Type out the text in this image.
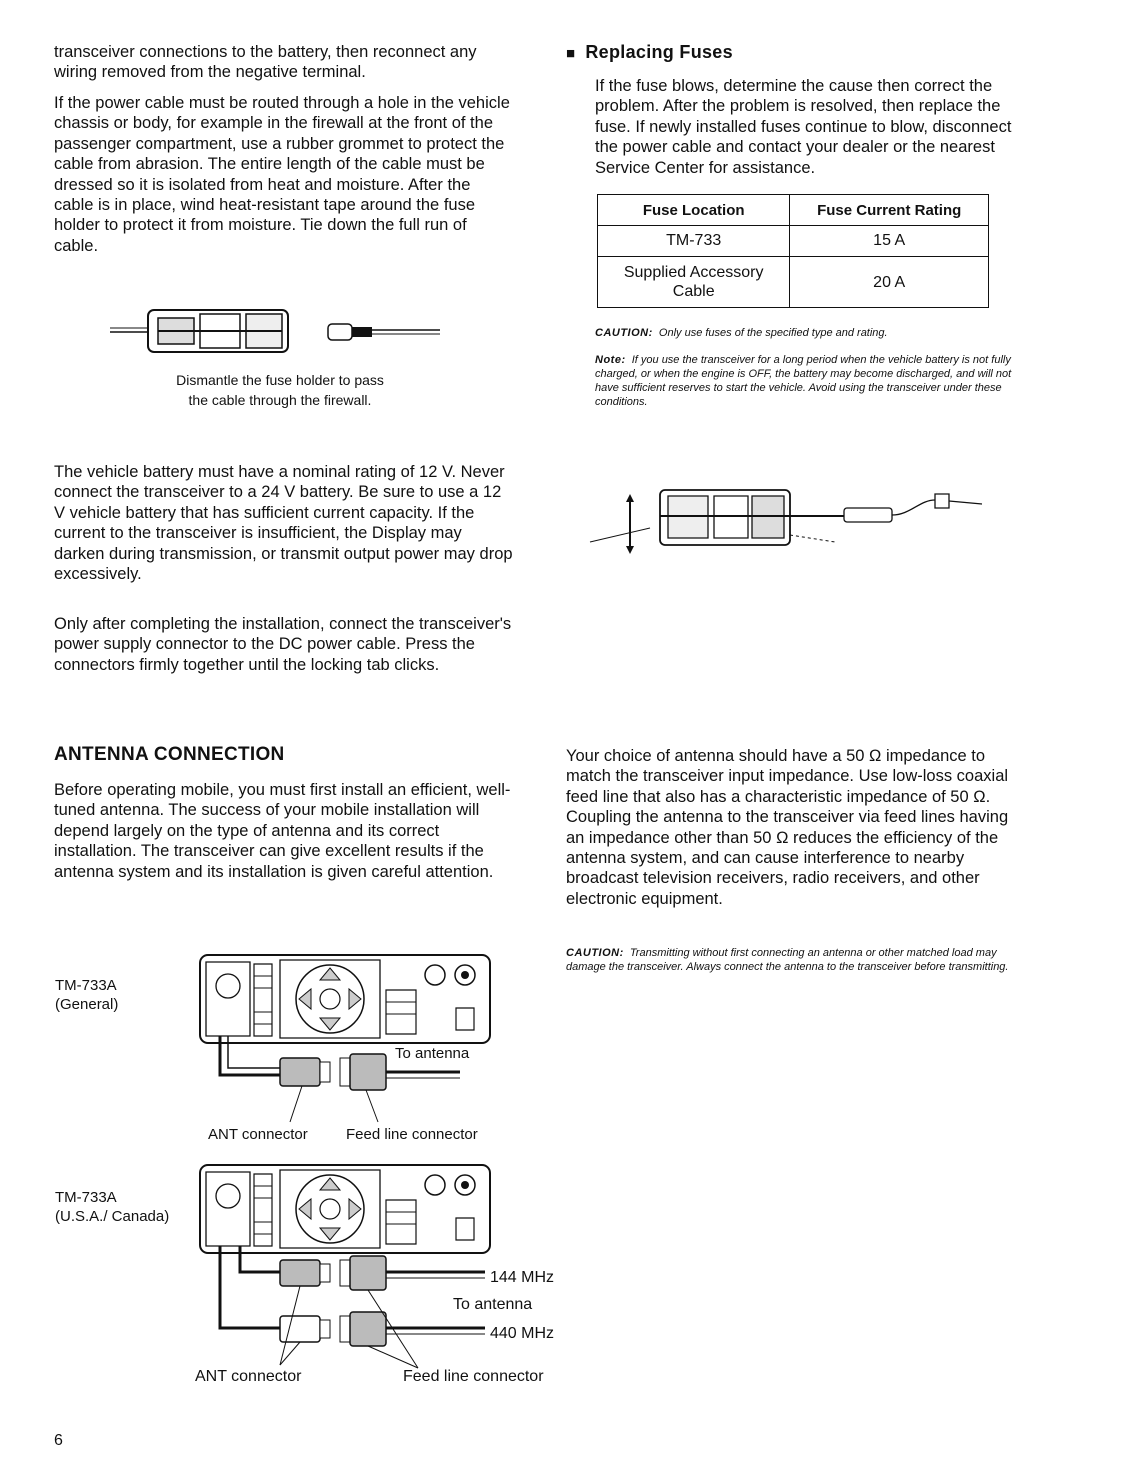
transceiver connections to the battery, then reconnect any wiring removed from the negative terminal.

If the power cable must be routed through a hole in the vehicle chassis or body, for example in the firewall at the front of the passenger compartment, use a rubber grommet to protect the cable from abrasion. The entire length of the cable must be dressed so it is isolated from heat and moisture. After the cable is in place, wind heat-resistant tape around the fuse holder to protect it from moisture. Tie down the full run of cable.

Dismantle the fuse holder to pass
the cable through the firewall.

The vehicle battery must have a nominal rating of 12 V. Never connect the transceiver to a 24 V battery. Be sure to use a 12 V vehicle battery that has sufficient current capacity. If the current to the transceiver is insufficient, the Display may darken during transmission, or transmit output power may drop excessively.

Only after completing the installation, connect the transceiver's power supply connector to the DC power cable. Press the connectors firmly together until the locking tab clicks.

■ Replacing Fuses

If the fuse blows, determine the cause then correct the problem. After the problem is resolved, then replace the fuse. If newly installed fuses continue to blow, disconnect the power cable and contact your dealer or the nearest Service Center for assistance.

Fuse Location	Fuse Current Rating
TM-733	15 A

Supplied Accessory
Cable	20 A

CAUTION: Only use fuses of the specified type and rating.

Note: If you use the transceiver for a long period when the vehicle battery is not fully charged, or when the engine is OFF, the battery may become discharged, and will not have sufficient reserves to start the vehicle. Avoid using the transceiver under these conditions.

ANTENNA CONNECTION

Before operating mobile, you must first install an efficient, well-tuned antenna. The success of your mobile installation will depend largely on the type of antenna and its correct installation. The transceiver can give excellent results if the antenna system and its installation is given careful attention.

Your choice of antenna should have a 50 Ω impedance to match the transceiver input impedance. Use low-loss coaxial feed line that also has a characteristic impedance of 50 Ω. Coupling the antenna to the transceiver via feed lines having an impedance other than 50 Ω reduces the efficiency of the antenna system, and can cause interference to nearby broadcast television receivers, radio receivers, and other electronic equipment.

CAUTION: Transmitting without first connecting an antenna or other matched load may damage the transceiver. Always connect the antenna to the transceiver before transmitting.

TM-733A
(General)
To antenna
ANT connector	Feed line connector
TM-733A
(U.S.A./ Canada)
144 MHz
To antenna
440 MHz
ANT connector	Feed line connector
6
